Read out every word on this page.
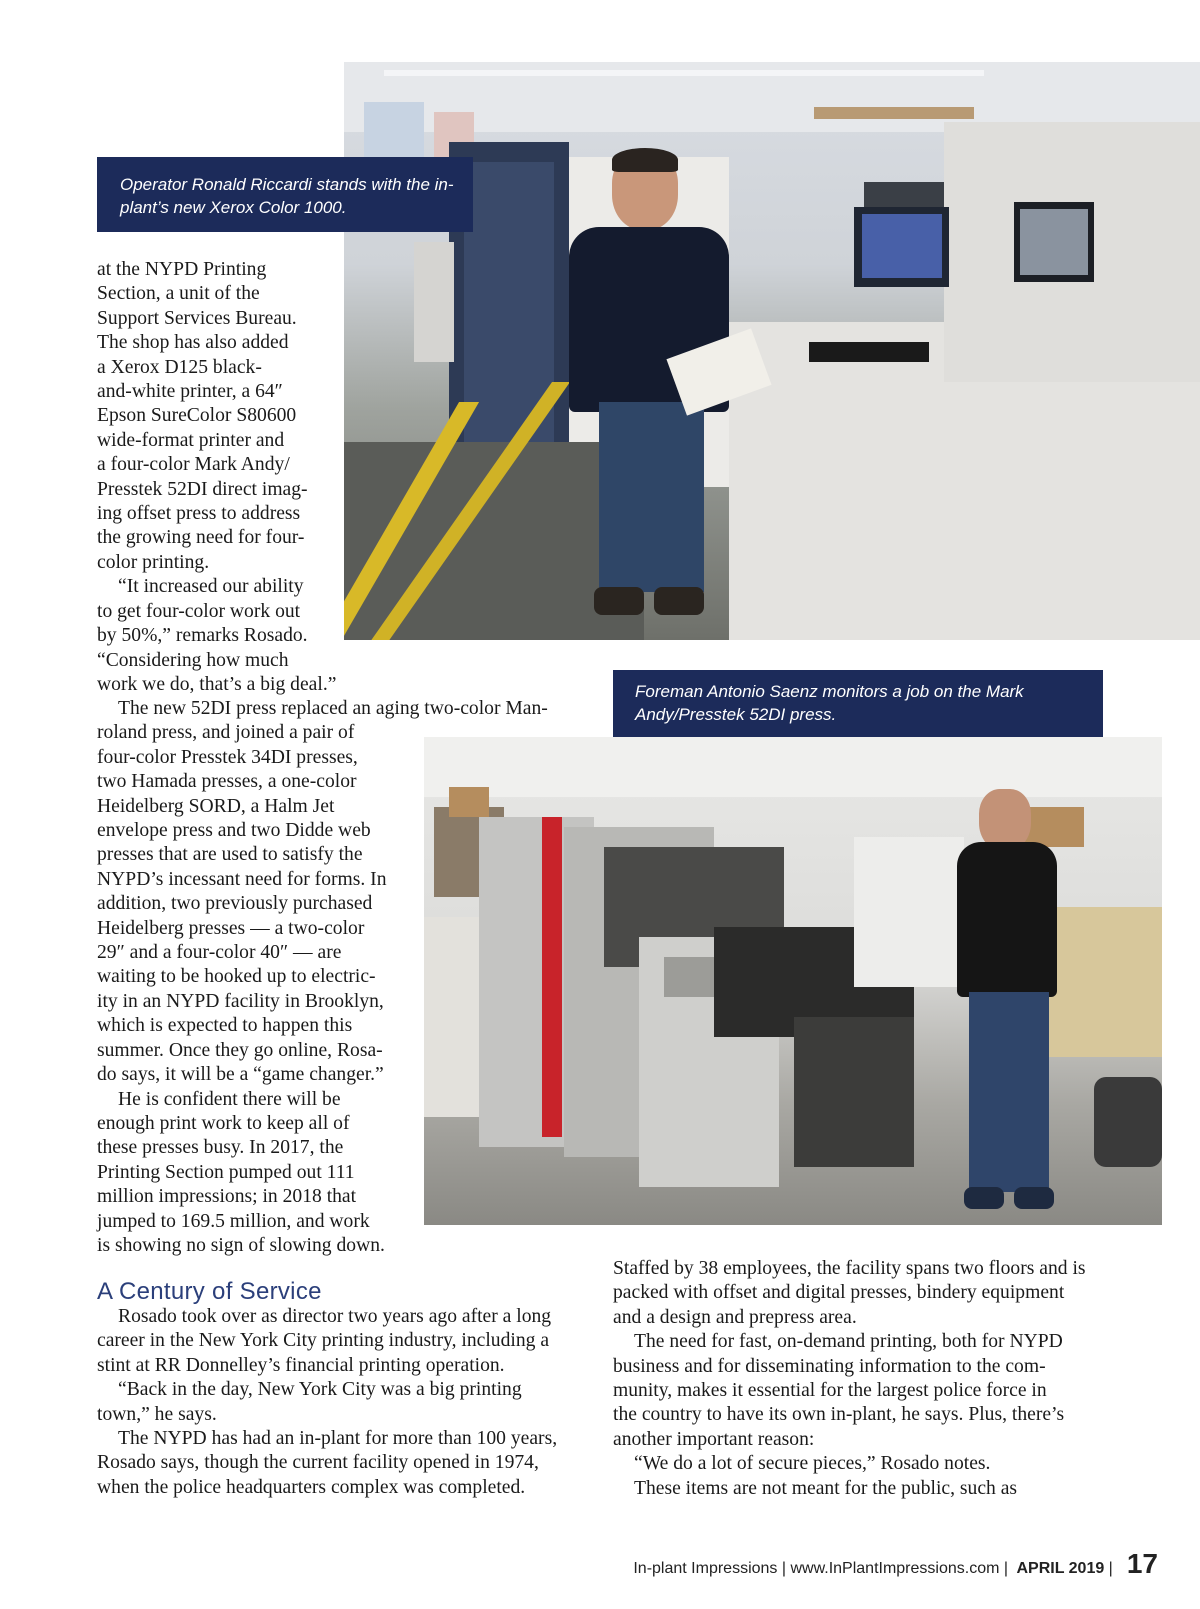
Operator Ronald Riccardi stands with the in-plant’s new Xerox Color 1000.

at the NYPD Printing
Section, a unit of the
Support Services Bureau.
The shop has also added
a Xerox D125 black-
and-white printer, a 64″
Epson SureColor S80600
wide-format printer and
a four-color Mark Andy/
Presstek 52DI direct imag-
ing offset press to address
the growing need for four-
color printing.

“It increased our ability
to get four-color work out
by 50%,” remarks Rosado.
“Considering how much
work we do, that’s a big deal.”	Foreman Antonio Saenz monitors a job on the Mark Andy/Presstek 52DI press.

The new 52DI press replaced an aging two-color Man-
roland press, and joined a pair of
four-color Presstek 34DI presses,
two Hamada presses, a one-color
Heidelberg SORD, a Halm Jet
envelope press and two Didde web
presses that are used to satisfy the
NYPD’s incessant need for forms. In
addition, two previously purchased
Heidelberg presses — a two-color
29″ and a four-color 40″ — are
waiting to be hooked up to electric-
ity in an NYPD facility in Brooklyn,
which is expected to happen this
summer. Once they go online, Rosa-
do says, it will be a “game changer.”

He is confident there will be
enough print work to keep all of
these presses busy. In 2017, the
Printing Section pumped out 111
million impressions; in 2018 that
jumped to 169.5 million, and work
is showing no sign of slowing down.

A Century of Service

Rosado took over as director two years ago after a long
career in the New York City printing industry, including a
stint at RR Donnelley’s financial printing operation.

“Back in the day, New York City was a big printing
town,” he says.

The NYPD has had an in-plant for more than 100 years,
Rosado says, though the current facility opened in 1974,
when the police headquarters complex was completed.

Staffed by 38 employees, the facility spans two floors and is
packed with offset and digital presses, bindery equipment
and a design and prepress area.

The need for fast, on-demand printing, both for NYPD
business and for disseminating information to the com-
munity, makes it essential for the largest police force in
the country to have its own in-plant, he says. Plus, there’s
another important reason:

“We do a lot of secure pieces,” Rosado notes.

These items are not meant for the public, such as

In-plant Impressions | www.InPlantImpressions.com | APRIL 2019 | 17
